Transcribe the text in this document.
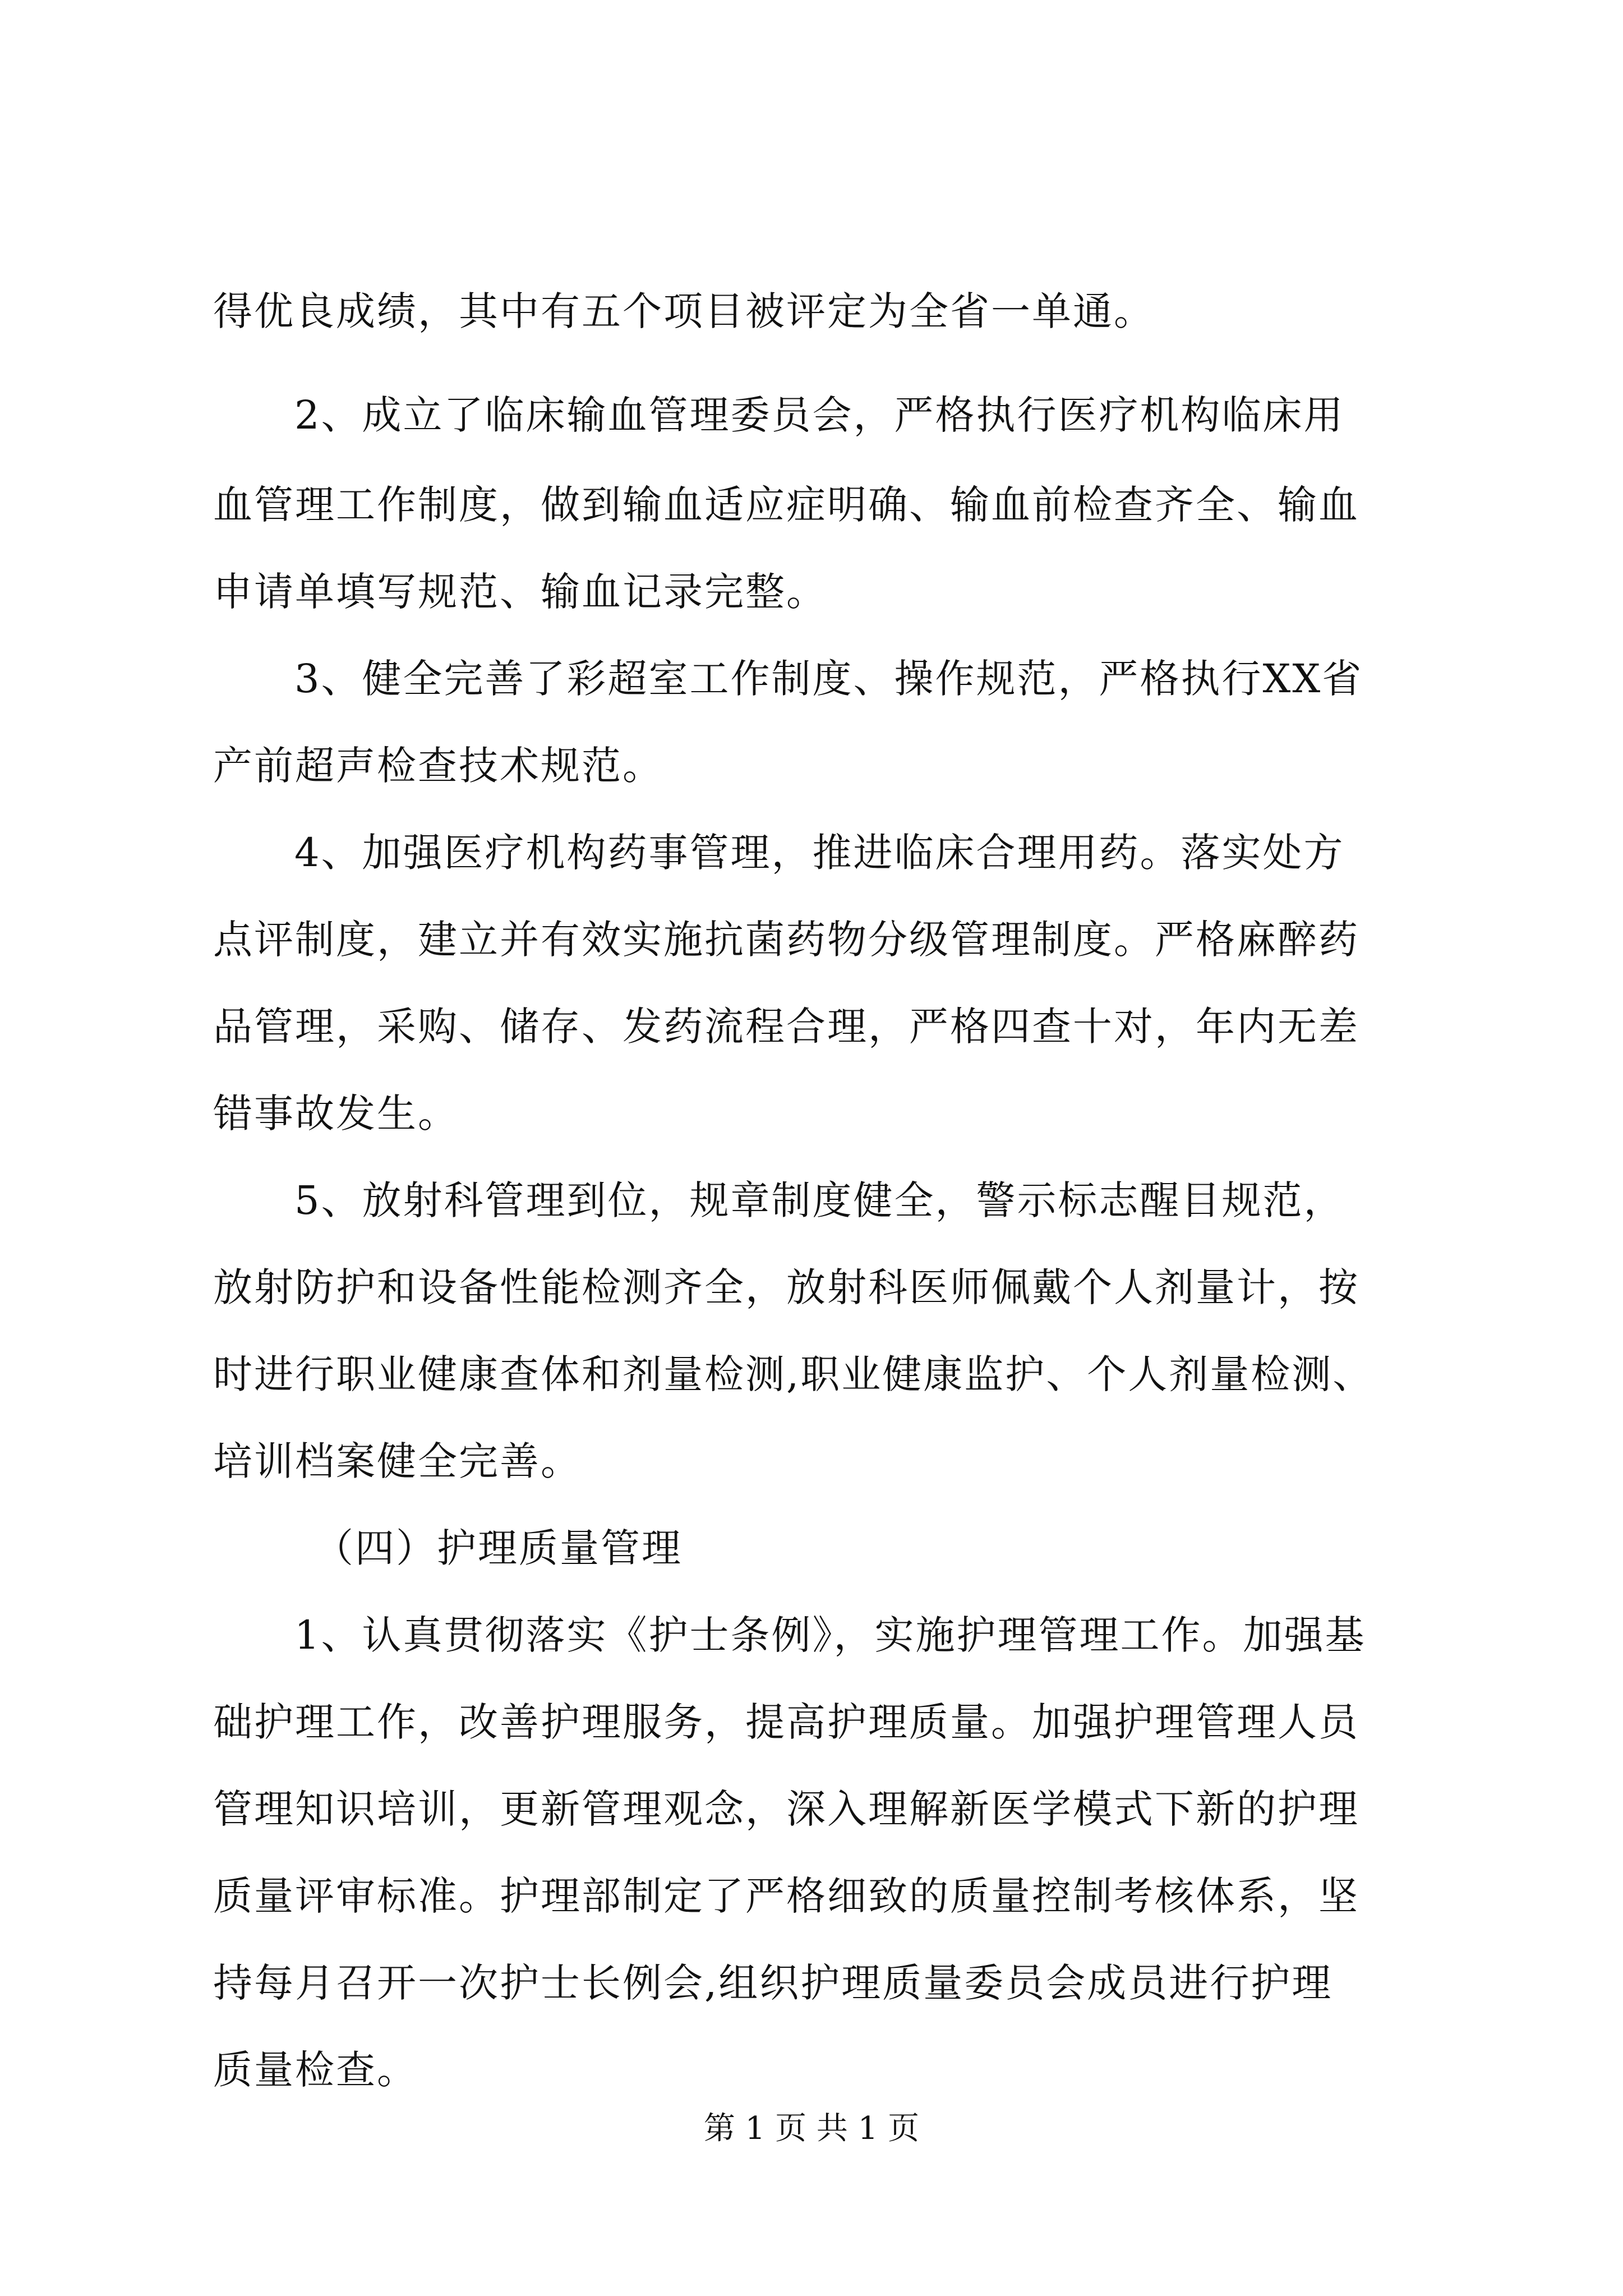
得优良成绩，其中有五个项目被评定为全省一单通。
2、成立了临床输血管理委员会，严格执行医疗机构临床用
血管理工作制度，做到输血适应症明确、输血前检查齐全、输血
申请单填写规范、输血记录完整。
3、健全完善了彩超室工作制度、操作规范，严格执行XX省
产前超声检查技术规范。
4、加强医疗机构药事管理，推进临床合理用药。落实处方
点评制度，建立并有效实施抗菌药物分级管理制度。严格麻醉药
品管理，采购、储存、发药流程合理，严格四查十对，年内无差
错事故发生。
5、放射科管理到位，规章制度健全，警示标志醒目规范，
放射防护和设备性能检测齐全，放射科医师佩戴个人剂量计，按
时进行职业健康查体和剂量检测,职业健康监护、个人剂量检测、
培训档案健全完善。
（四）护理质量管理
1、认真贯彻落实《护士条例》，实施护理管理工作。加强基
础护理工作，改善护理服务，提高护理质量。加强护理管理人员
管理知识培训，更新管理观念，深入理解新医学模式下新的护理
质量评审标准。护理部制定了严格细致的质量控制考核体系，坚
持每月召开一次护士长例会,组织护理质量委员会成员进行护理
质量检查。
第 1 页 共 1 页
